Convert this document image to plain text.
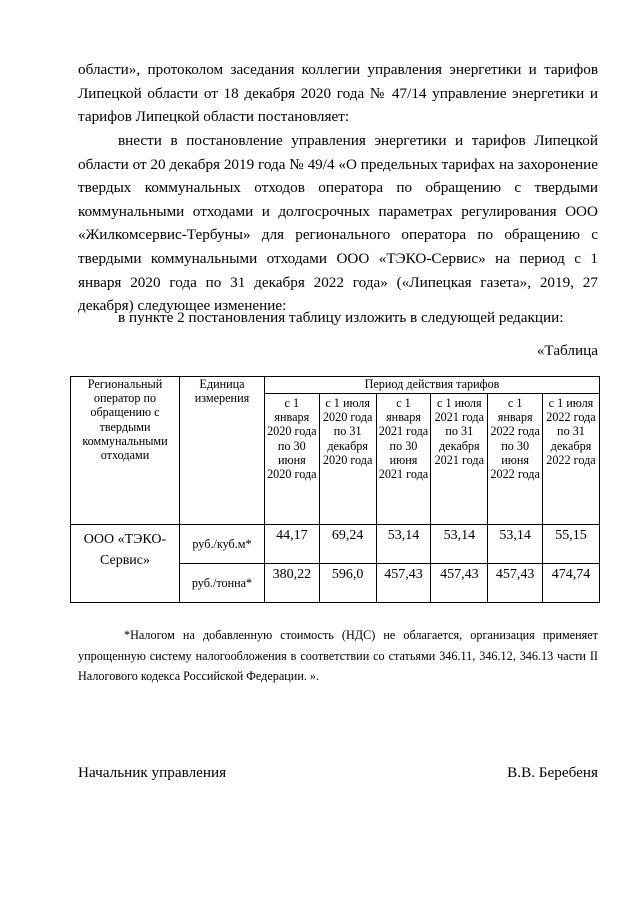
области», протоколом заседания коллегии управления энергетики и тарифов Липецкой области от 18 декабря 2020 года № 47/14 управление энергетики и тарифов Липецкой области постановляет:

внести в постановление управления энергетики и тарифов Липецкой области от 20 декабря 2019 года № 49/4 «О предельных тарифах на захоронение твердых коммунальных отходов оператора по обращению с твердыми коммунальными отходами и долгосрочных параметрах регулирования ООО «Жилкомсервис-Тербуны» для регионального оператора по обращению с твердыми коммунальными отходами ООО «ТЭКО-Сервис» на период с 1 января 2020 года по 31 декабря 2022 года» («Липецкая газета», 2019, 27 декабря) следующее изменение:

в пункте 2 постановления таблицу изложить в следующей редакции:

«Таблица
Региональный оператор по обращению с твердыми коммунальными отходами	Единица измерения	Период действия тарифов					
		с 1 января 2020 года по 30 июня 2020 года	с 1 июля 2020 года по 31 декабря 2020 года	с 1 января 2021 года по 30 июня 2021 года	с 1 июля 2021 года по 31 декабря 2021 года	с 1 января 2022 года по 30 июня 2022 года	с 1 июля 2022 года по 31 декабря 2022 года
ООО «ТЭКО-Сервис»	руб./куб.м*	44,17	69,24	53,14	53,14	53,14	55,15
	руб./тонна*	380,22	596,0	457,43	457,43	457,43	474,74

*Налогом на добавленную стоимость (НДС) не облагается, организация применяет упрощенную систему налогообложения в соответствии со статьями 346.11, 346.12, 346.13 части II Налогового кодекса Российской Федерации. ».

Начальник управления	В.В. Беребеня
